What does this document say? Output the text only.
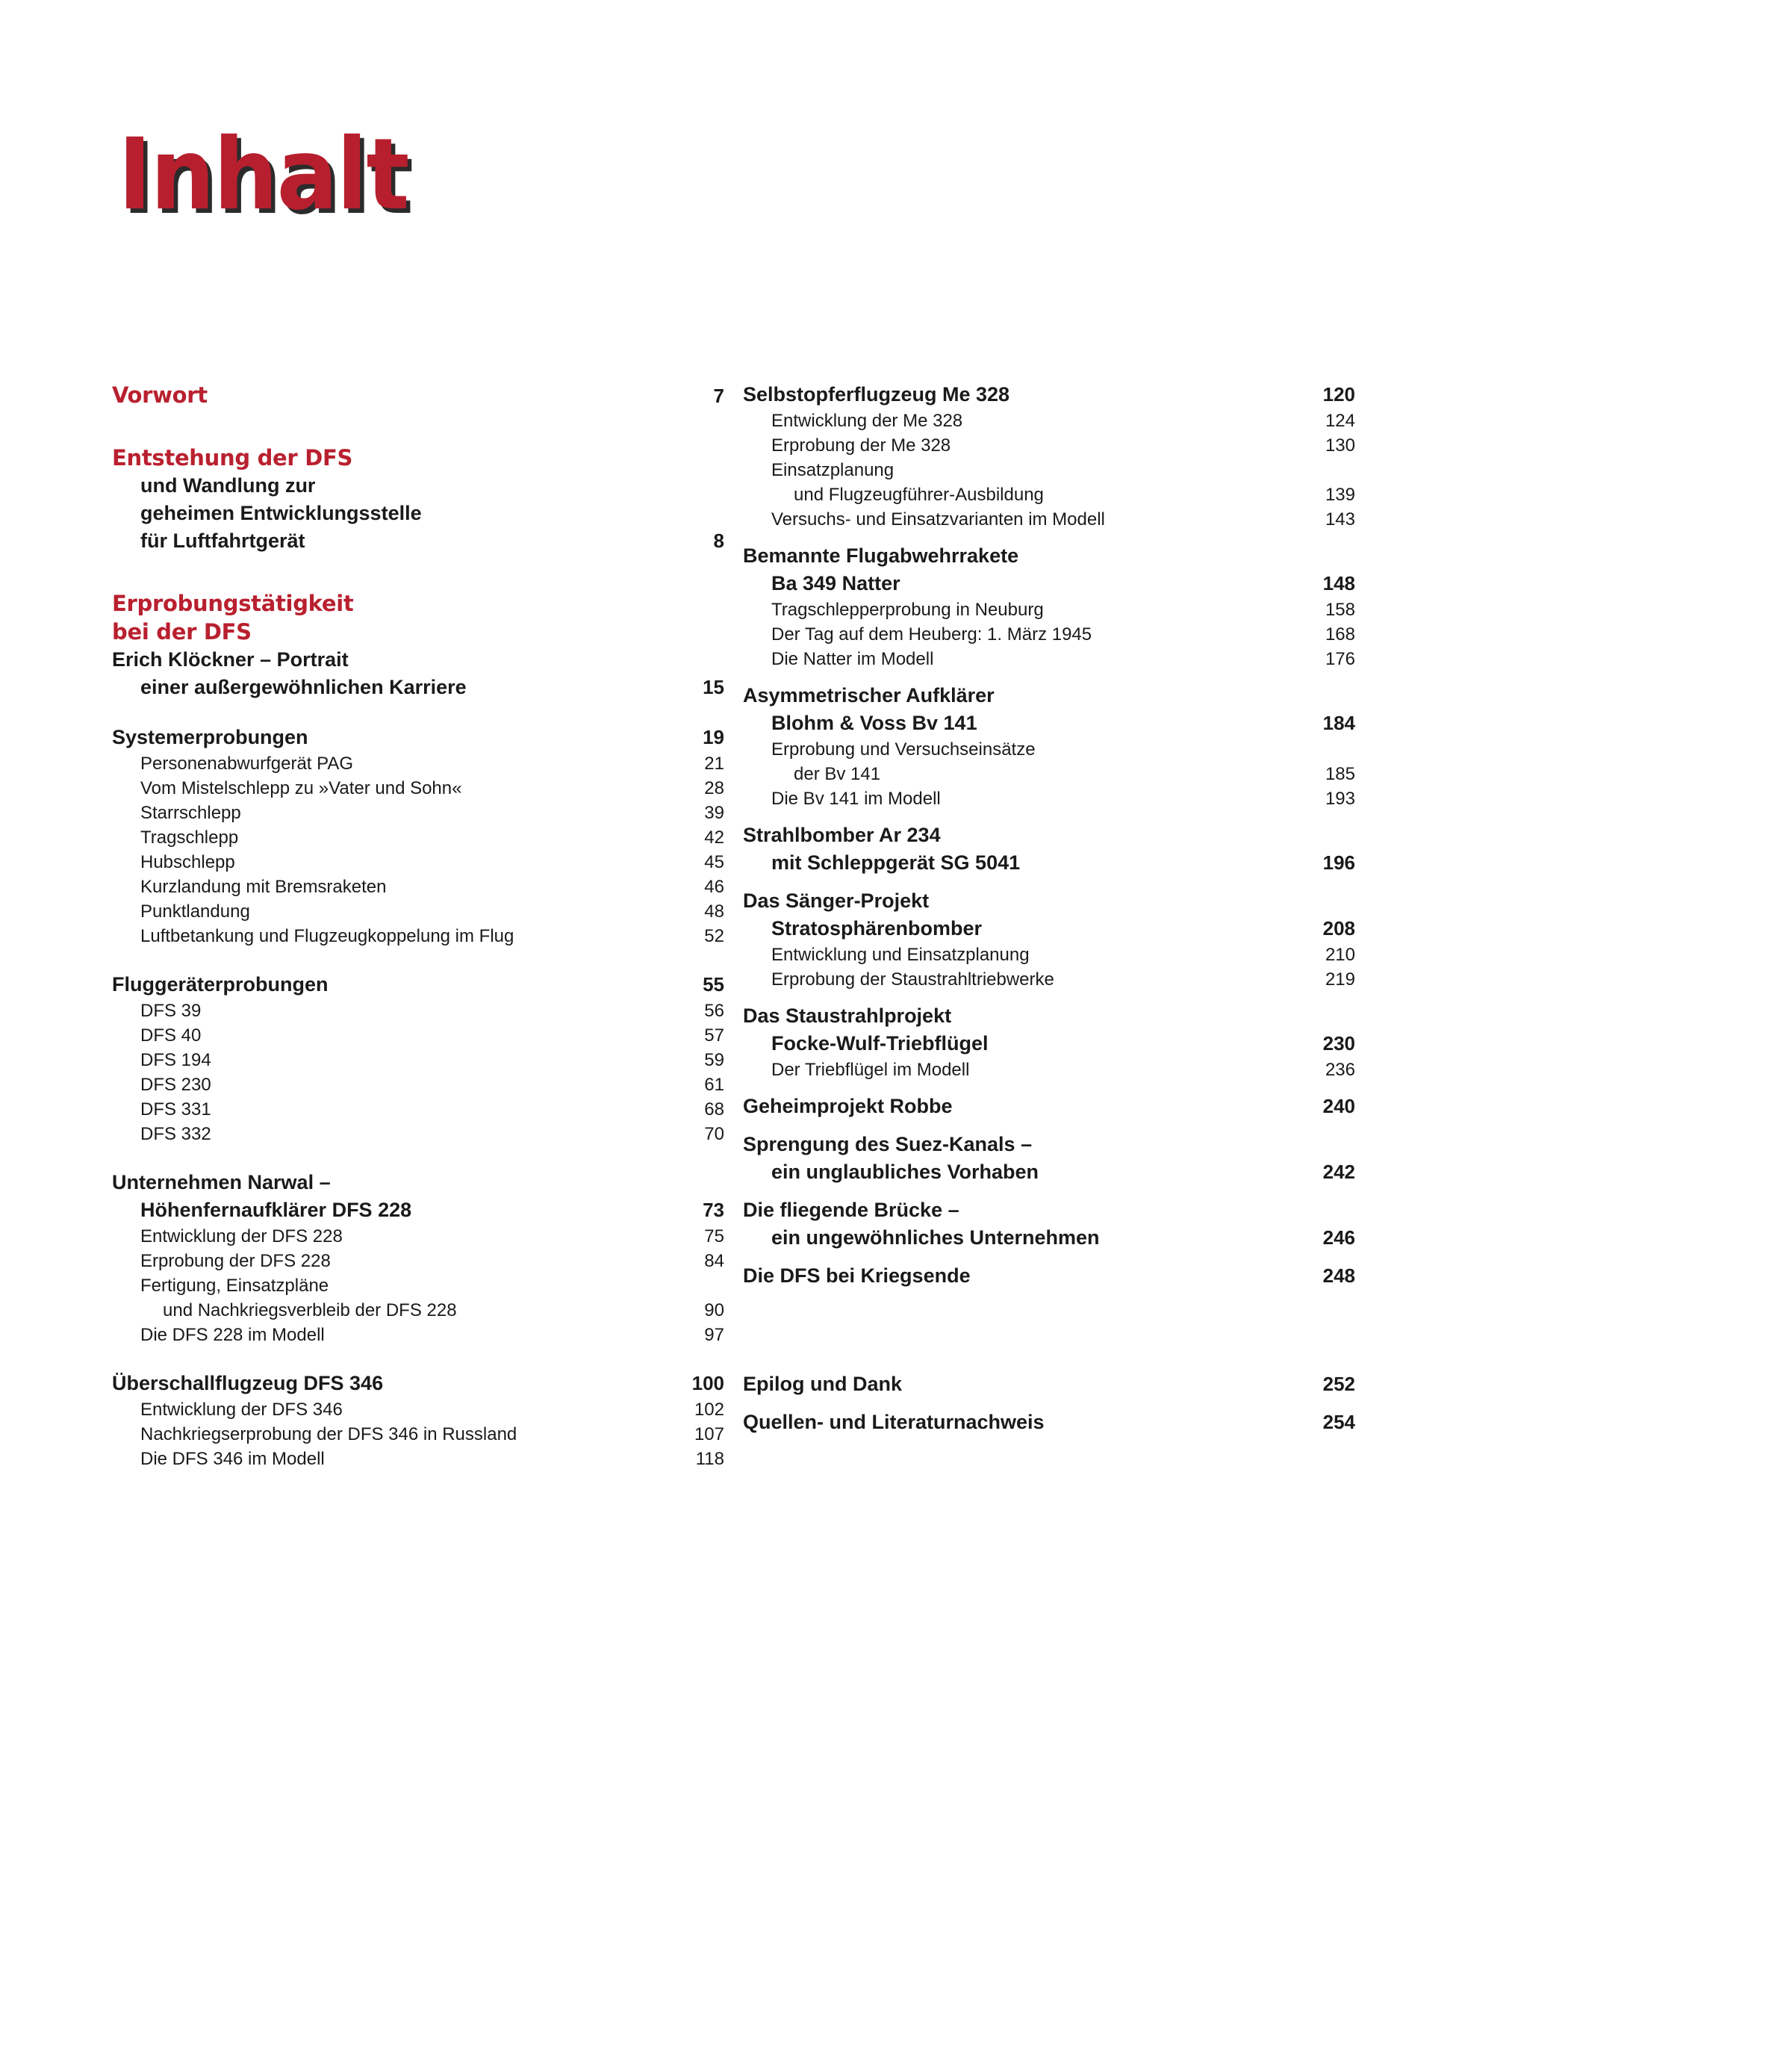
Inhalt
Vorwort	7
Entstehung der DFS
und Wandlung zur
geheimen Entwicklungsstelle
für Luftfahrtgerät	8
Erprobungstätigkeit
bei der DFS
Erich Klöckner – Portrait
einer außergewöhnlichen Karriere	15
Systemerprobungen	19
Personenabwurfgerät PAG	21
Vom Mistelschlepp zu »Vater und Sohn«	28
Starrschlepp	39
Tragschlepp	42
Hubschlepp	45
Kurzlandung mit Bremsraketen	46
Punktlandung	48
Luftbetankung und Flugzeugkoppelung im Flug	52
Fluggeräterprobungen	55
DFS 39	56
DFS 40	57
DFS 194	59
DFS 230	61
DFS 331	68
DFS 332	70
Unternehmen Narwal –
Höhenfernaufklärer DFS 228	73
Entwicklung der DFS 228	75
Erprobung der DFS 228	84
Fertigung, Einsatzpläne
und Nachkriegsverbleib der DFS 228	90
Die DFS 228 im Modell	97
Überschallflugzeug DFS 346	100
Entwicklung der DFS 346	102
Nachkriegserprobung der DFS 346 in Russland	107
Die DFS 346 im Modell	118
Selbstopferflugzeug Me 328	120
Entwicklung der Me 328	124
Erprobung der Me 328	130
Einsatzplanung
und Flugzeugführer-Ausbildung	139
Versuchs- und Einsatzvarianten im Modell	143
Bemannte Flugabwehrrakete
Ba 349 Natter	148
Tragschlepperprobung in Neuburg	158
Der Tag auf dem Heuberg: 1. März 1945	168
Die Natter im Modell	176
Asymmetrischer Aufklärer
Blohm & Voss Bv 141	184
Erprobung und Versuchseinsätze
der Bv 141	185
Die Bv 141 im Modell	193
Strahlbomber Ar 234
mit Schleppgerät SG 5041	196
Das Sänger-Projekt
Stratosphärenbomber	208
Entwicklung und Einsatzplanung	210
Erprobung der Staustrahltriebwerke	219
Das Staustrahlprojekt
Focke-Wulf-Triebflügel	230
Der Triebflügel im Modell	236
Geheimprojekt Robbe	240
Sprengung des Suez-Kanals –
ein unglaubliches Vorhaben	242
Die fliegende Brücke –
ein ungewöhnliches Unternehmen	246
Die DFS bei Kriegsende	248
Epilog und Dank	252
Quellen- und Literaturnachweis	254
